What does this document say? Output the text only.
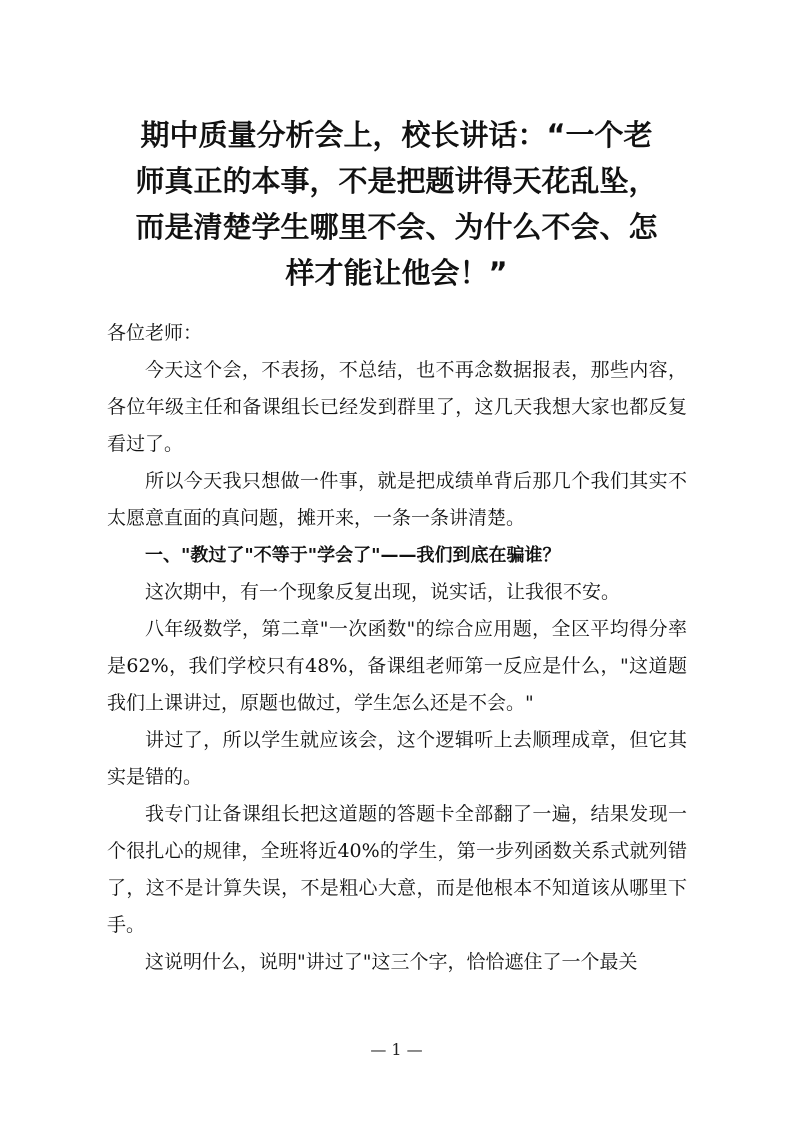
期中质量分析会上，校长讲话：“一个老
师真正的本事，不是把题讲得天花乱坠，
而是清楚学生哪里不会、为什么不会、怎
样才能让他会！”

各位老师：

今天这个会，不表扬，不总结，也不再念数据报表，那些内容，各位年级主任和备课组长已经发到群里了，这几天我想大家也都反复看过了。

所以今天我只想做一件事，就是把成绩单背后那几个我们其实不太愿意直面的真问题，摊开来，一条一条讲清楚。

一、"教过了"不等于"学会了"——我们到底在骗谁？

这次期中，有一个现象反复出现，说实话，让我很不安。

八年级数学，第二章"一次函数"的综合应用题，全区平均得分率是62%，我们学校只有48%，备课组老师第一反应是什么，"这道题我们上课讲过，原题也做过，学生怎么还是不会。"

讲过了，所以学生就应该会，这个逻辑听上去顺理成章，但它其实是错的。

我专门让备课组长把这道题的答题卡全部翻了一遍，结果发现一个很扎心的规律，全班将近40%的学生，第一步列函数关系式就列错了，这不是计算失误，不是粗心大意，而是他根本不知道该从哪里下手。

这说明什么，说明"讲过了"这三个字，恰恰遮住了一个最关

— 1 —
